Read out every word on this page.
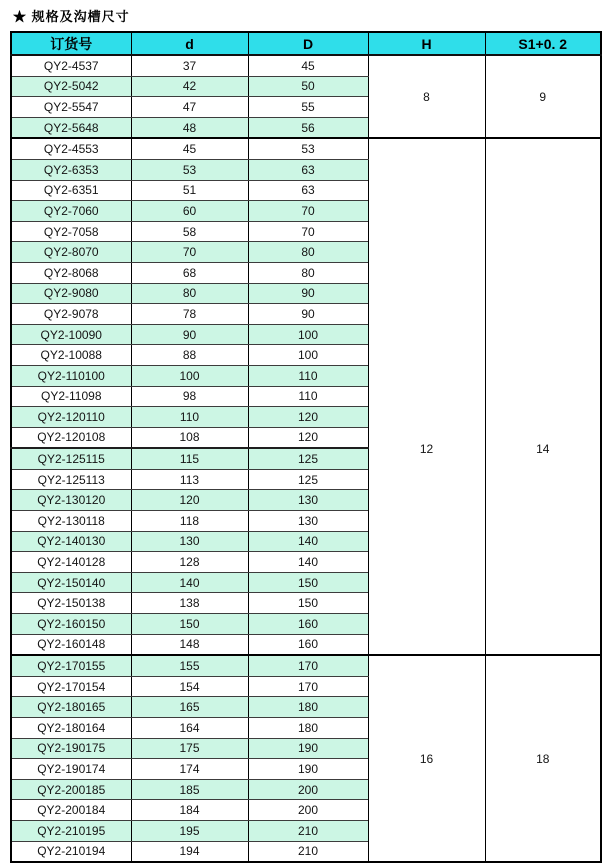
★ 规格及沟槽尺寸
订货号	d	D	H	S1+0. 2
QY2-4537	37	45	8	9
QY2-5042	42	50		
QY2-5547	47	55		
QY2-5648	48	56		
QY2-4553	45	53	12	14
QY2-6353	53	63		
QY2-6351	51	63		
QY2-7060	60	70		
QY2-7058	58	70		
QY2-8070	70	80		
QY2-8068	68	80		
QY2-9080	80	90		
QY2-9078	78	90		
QY2-10090	90	100		
QY2-10088	88	100		
QY2-110100	100	110		
QY2-11098	98	110		
QY2-120110	110	120		
QY2-120108	108	120		
QY2-125115	115	125		
QY2-125113	113	125		
QY2-130120	120	130		
QY2-130118	118	130		
QY2-140130	130	140		
QY2-140128	128	140		
QY2-150140	140	150		
QY2-150138	138	150		
QY2-160150	150	160		
QY2-160148	148	160		
QY2-170155	155	170	16	18
QY2-170154	154	170		
QY2-180165	165	180		
QY2-180164	164	180		
QY2-190175	175	190		
QY2-190174	174	190		
QY2-200185	185	200		
QY2-200184	184	200		
QY2-210195	195	210		
QY2-210194	194	210		
